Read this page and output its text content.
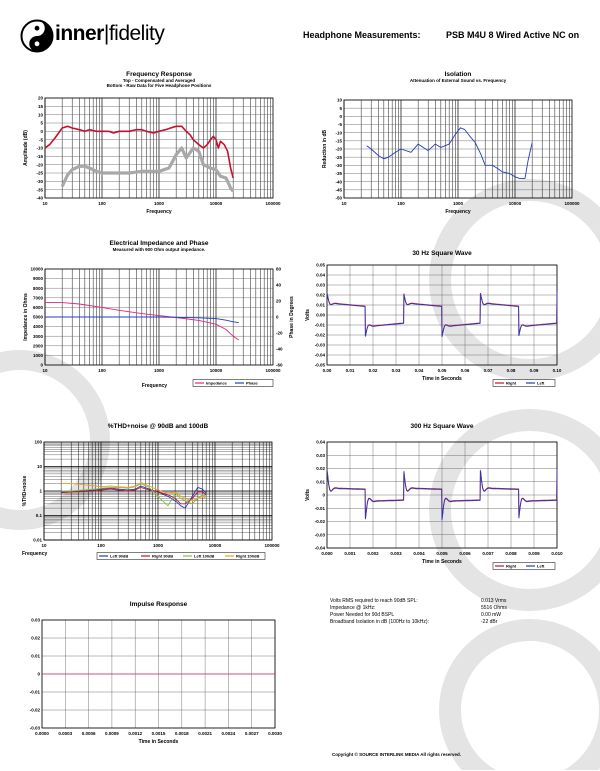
inner|fidelity	Headphone Measurements:	PSB M4U 8 Wired Active NC on
Frequency Response
Top - Compensated and Averaged
Bottom - Raw Data for Five Headphone Positions
10	100	1000	10000	100000
20
15
10
5
0
-5
-10
-15
-20
-25
-30
-35
-40
Frequency
Amplitude (dB)
Isolation
Attenuation of External Sound vs. Frequency
10	100	1000	10000	100000
10
5
0
-5
-10
-15
-20
-25
-30
-35
-40
-45
-50
Frequency
Reduction in dB
Electrical Impedance and Phase
Measured with 900 Ohm output impedance.
10	100	1000	10000	100000
10000
9000
8000
7000
6000
5000
4000
3000
2000
1000
0
60
40
20
0
-20
-40
-60
Frequency
Impedance in Ohms	Phase in Degrees
Impedance	Phase
30 Hz Square Wave
0.00	0.01	0.02	0.03	0.04	0.05	0.06	0.07	0.08	0.09	0.10
0.05
0.04
0.03
0.02
0.01
0.00
-0.01
-0.02
-0.03
-0.04
-0.05
Time in Seconds
Volts
Right	Left
%THD+noise @ 90dB and 100dB
10	100	1000	10000	100000
100
10
1
0.1
0.01
Frequency
%THD+noise
Left 90dB	Right 90dB	Left 100dB	Right 100dB
300 Hz Square Wave
0.000	0.001	0.002	0.003	0.004	0.005	0.006	0.007	0.008	0.009	0.010
0.04
0.03
0.02
0.01
0
-0.01
-0.02
-0.03
-0.04
Time in Seconds
Volts
Right	Left
Impulse Response
0.0000 0.0003 0.0006 0.0009 0.0012 0.0015 0.0018 0.0021 0.0024 0.0027 0.0030
0.03
0.02
0.01
0
-0.01
-0.02
-0.03
Time in Seconds
Volts RMS required to reach 90dB SPL:	0.013 Vrms
Impedance @ 1kHz:	5516 Ohms
Power Needed for 90d BSPL	0.00 mW
Broadband Isolation in dB (100Hz to 10kHz):	-22 dBr
Copyright © SOURCE INTERLINK MEDIA All rights reserved.
